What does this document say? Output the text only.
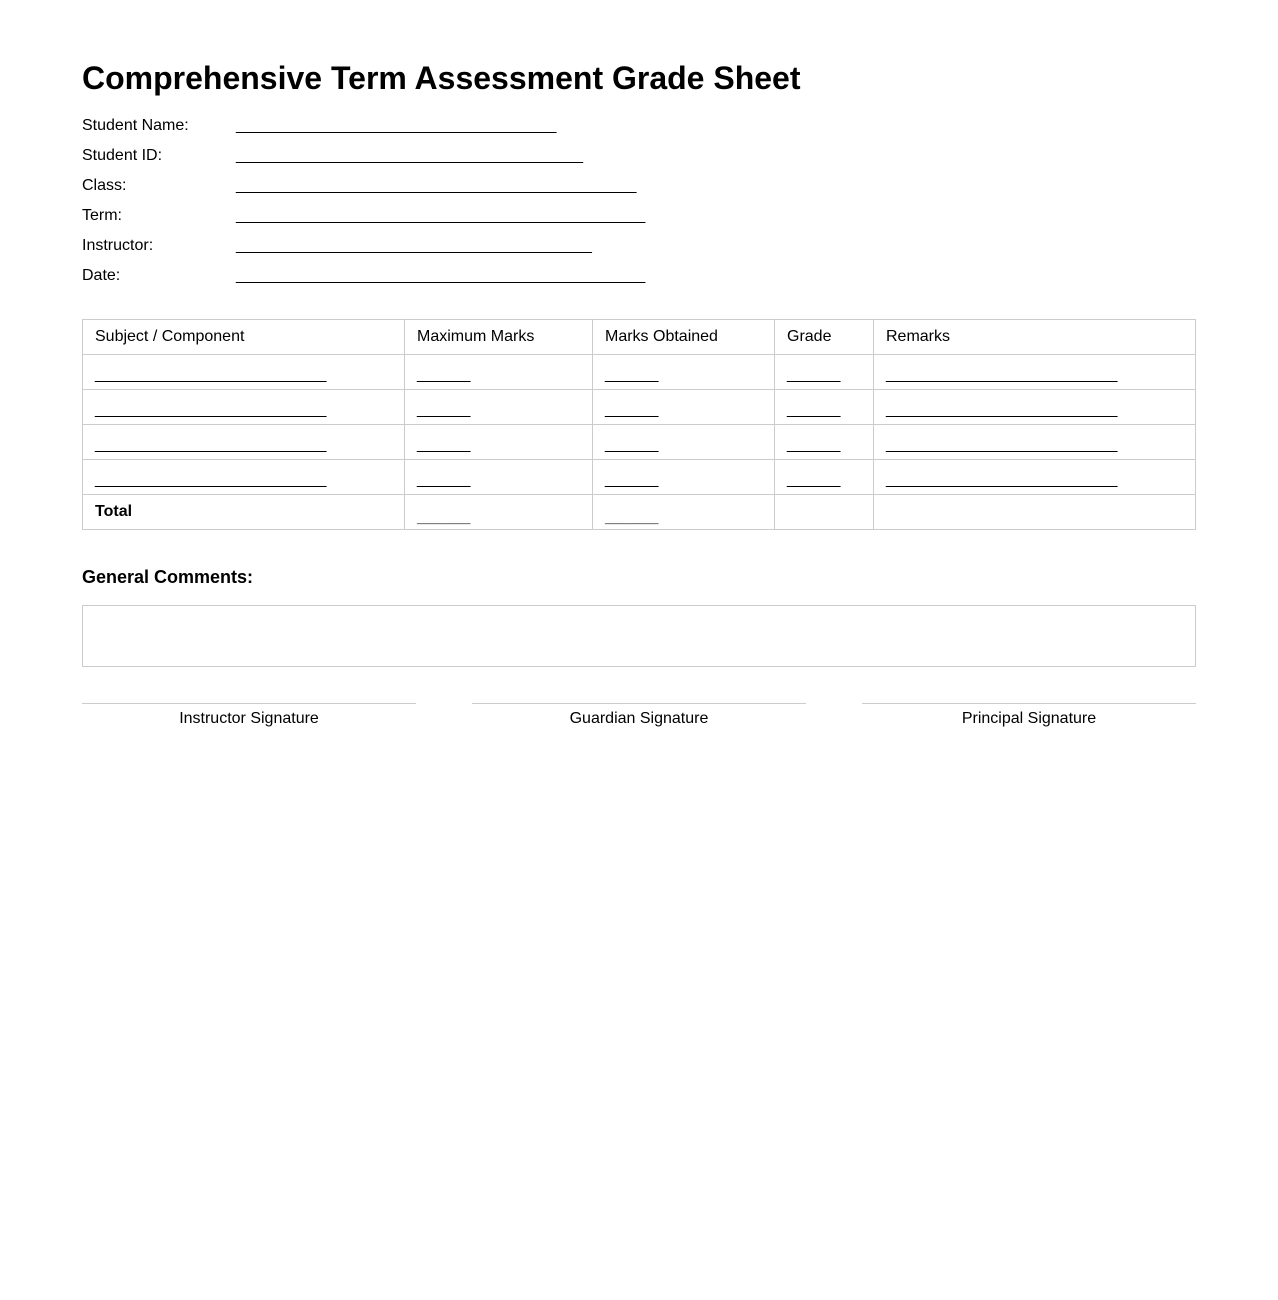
Comprehensive Term Assessment Grade Sheet
Student Name:	____________________________________
Student ID:	_______________________________________
Class:	_____________________________________________
Term:	______________________________________________
Instructor:	________________________________________
Date:	______________________________________________
Subject / Component	Maximum Marks	Marks Obtained	Grade	Remarks
__________________________	______	______	______	__________________________
__________________________	______	______	______	__________________________
__________________________	______	______	______	__________________________
__________________________	______	______	______	__________________________
Total	______	______		
General Comments:
Instructor Signature	Guardian Signature	Principal Signature
